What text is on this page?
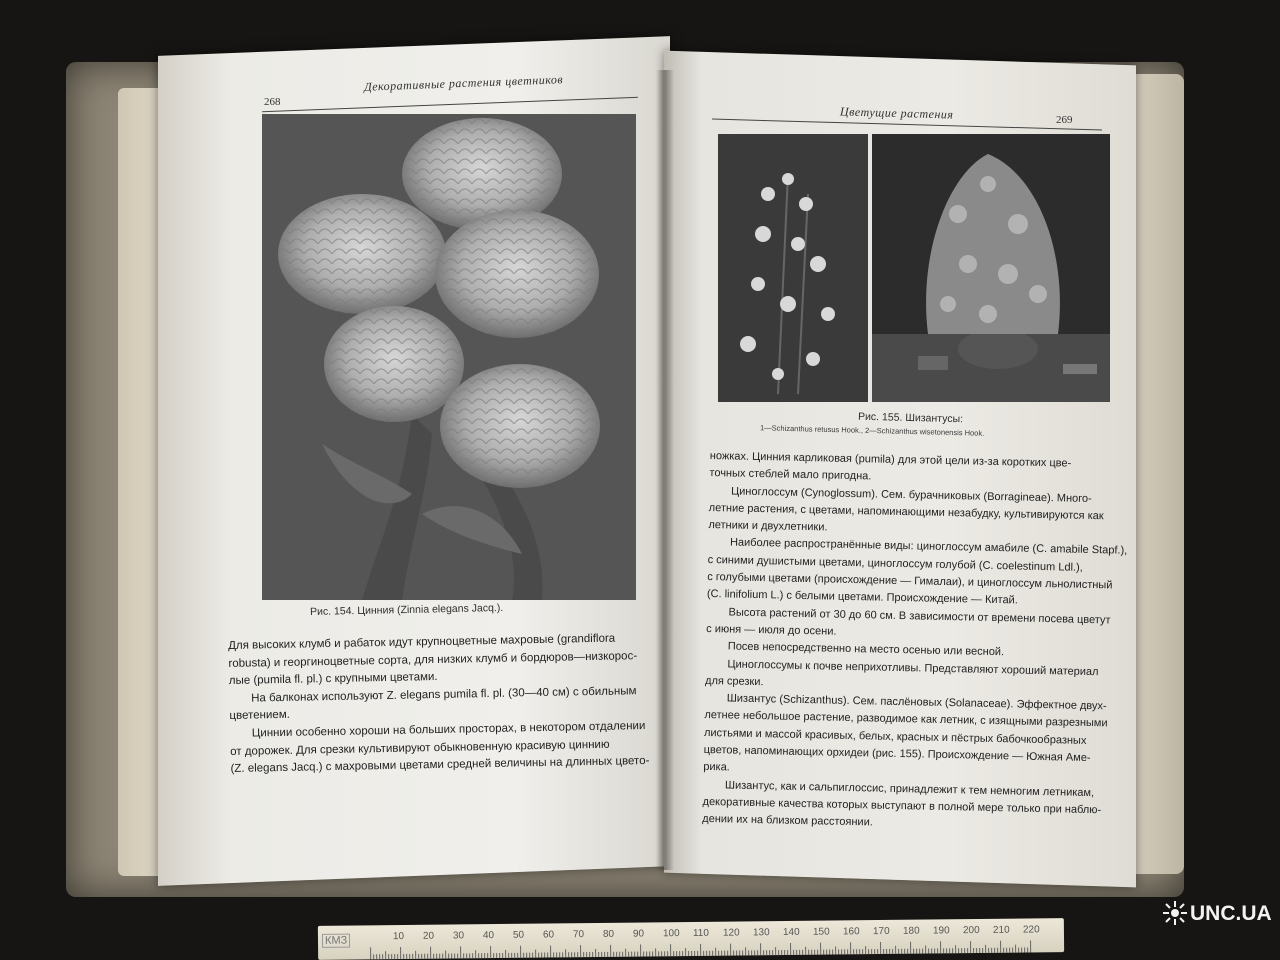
268
Декоративные растения цветников
Рис. 154. Цинния (Zinnia elegans Jacq.).
Для высоких клумб и рабаток идут крупноцветные махровые (grandiflora
robusta) и георгиноцветные сорта, для низких клумб и бордюров—низкорос-
лые (pumila fl. pl.) с крупными цветами.
На балконах используют Z. elegans pumila fl. pl. (30—40 см) с обильным
цветением.
Циннии особенно хороши на больших просторах, в некотором отдалении
от дорожек. Для срезки культивируют обыкновенную красивую циннию
(Z. elegans Jacq.) с махровыми цветами средней величины на длинных цвето-
Цветущие растения	269
Рис. 155. Шизантусы:
1—Schizanthus retusus Hook., 2—Schizanthus wisetonensis Hook.
ножках. Цинния карликовая (pumila) для этой цели из-за коротких цве-
точных стеблей мало пригодна.
Циноглоссум (Cynoglossum). Сем. бурачниковых (Borragineae). Много-
летние растения, с цветами, напоминающими незабудку, культивируются как
летники и двухлетники.
Наиболее распространённые виды: циноглоссум амабиле (C. amabile Stapf.),
с синими душистыми цветами, циноглоссум голубой (C. coelestinum Ldl.),
с голубыми цветами (происхождение — Гималаи), и циноглоссум льнолистный
(C. linifolium L.) с белыми цветами. Происхождение — Китай.
Высота растений от 30 до 60 см. В зависимости от времени посева цветут
с июня — июля до осени.
Посев непосредственно на место осенью или весной.
Циноглоссумы к почве неприхотливы. Представляют хороший материал
для срезки.
Шизантус (Schizanthus). Сем. паслёновых (Solanaceae). Эффектное двух-
летнее небольшое растение, разводимое как летник, с изящными разрезными
листьями и массой красивых, белых, красных и пёстрых бабочкообразных
цветов, напоминающих орхидеи (рис. 155). Происхождение — Южная Аме-
рика.
Шизантус, как и сальпиглоссис, принадлежит к тем немногим летникам,
декоративные качества которых выступают в полной мере только при наблю-
дении их на близком расстоянии.
КМЗ	10 20 30 40 50 60 70 80 90 100 110 120 130 140 150 160 170 180 190 200 210 220
UNC.UA
